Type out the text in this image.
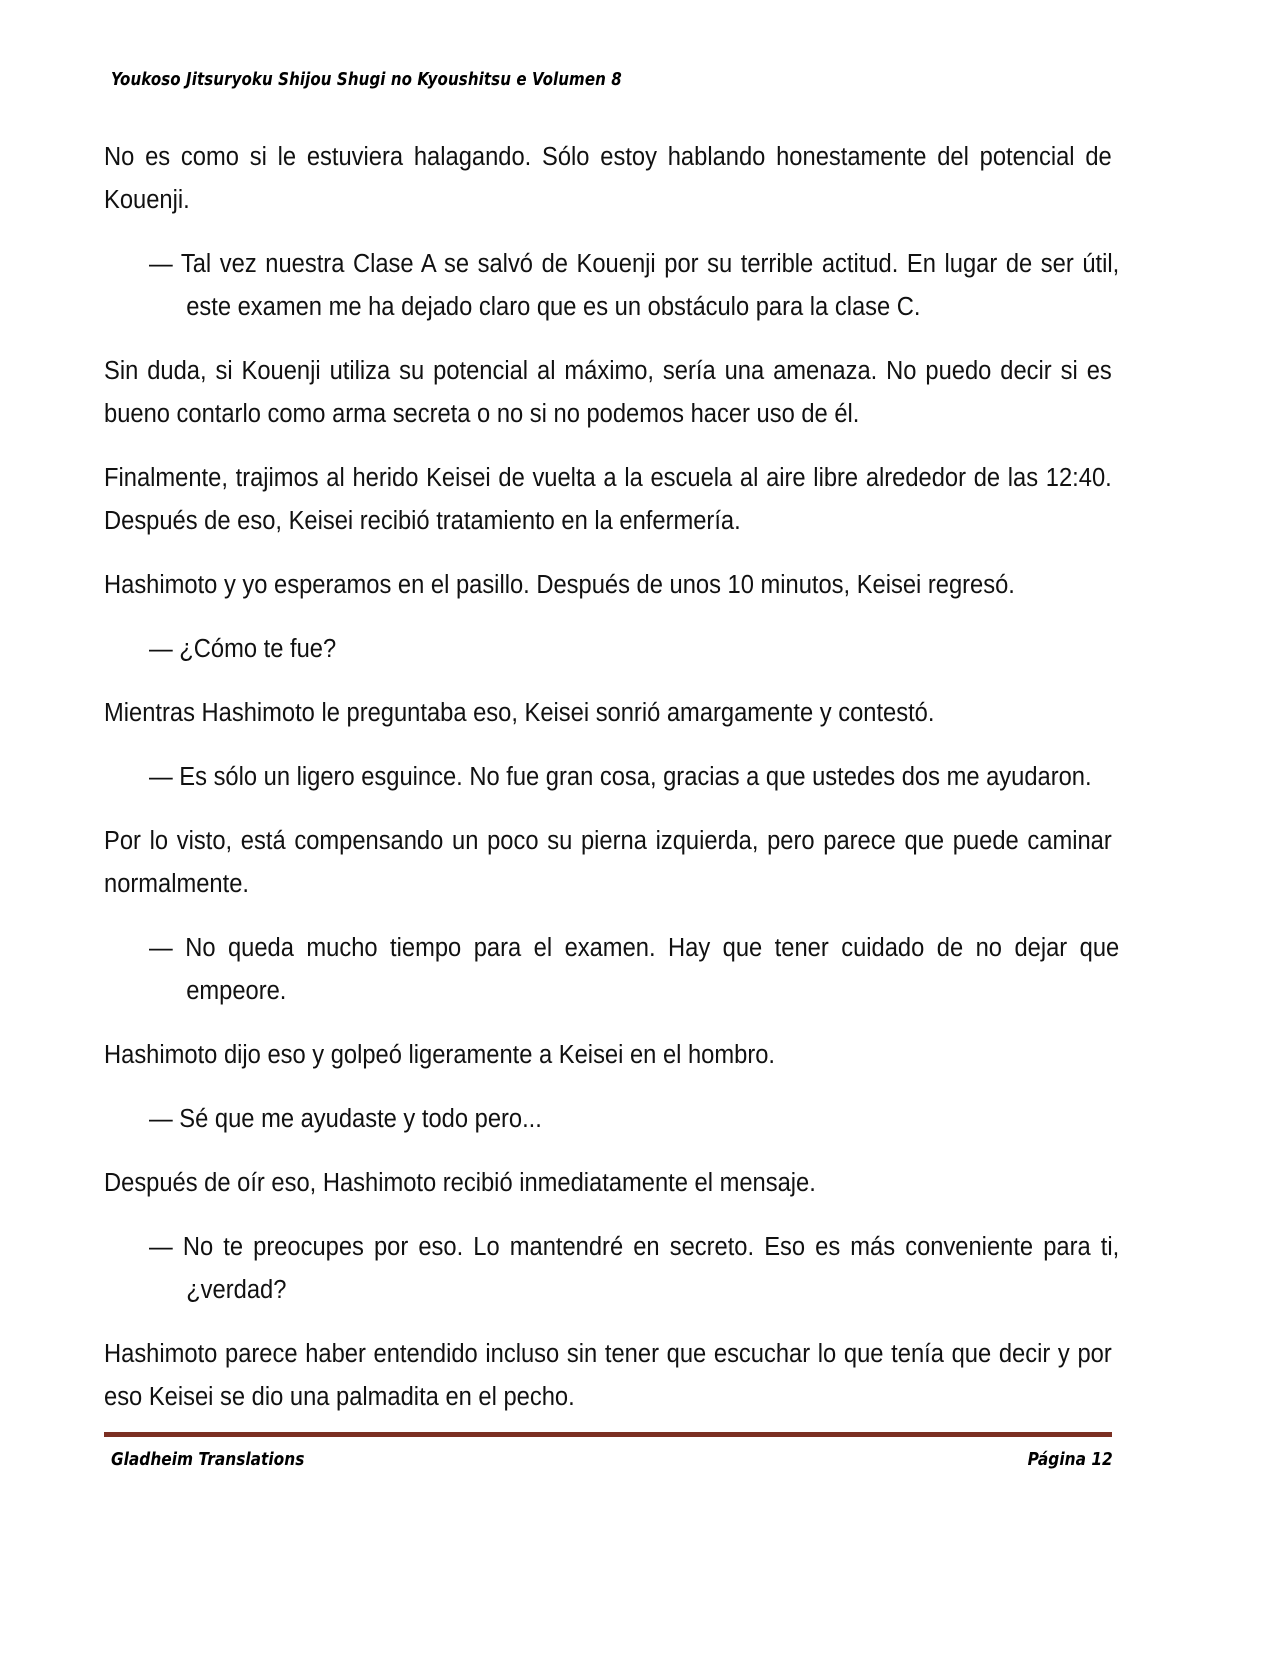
Youkoso Jitsuryoku Shijou Shugi no Kyoushitsu e Volumen 8

No es como si le estuviera halagando. Sólo estoy hablando honestamente del potencial de Kouenji.

— Tal vez nuestra Clase A se salvó de Kouenji por su terrible actitud. En lugar de ser útil, este examen me ha dejado claro que es un obstáculo para la clase C.

Sin duda, si Kouenji utiliza su potencial al máximo, sería una amenaza. No puedo decir si es bueno contarlo como arma secreta o no si no podemos hacer uso de él.

Finalmente, trajimos al herido Keisei de vuelta a la escuela al aire libre alrededor de las 12:40. Después de eso, Keisei recibió tratamiento en la enfermería.

Hashimoto y yo esperamos en el pasillo. Después de unos 10 minutos, Keisei regresó.

— ¿Cómo te fue?

Mientras Hashimoto le preguntaba eso, Keisei sonrió amargamente y contestó.

— Es sólo un ligero esguince. No fue gran cosa, gracias a que ustedes dos me ayudaron.

Por lo visto, está compensando un poco su pierna izquierda, pero parece que puede caminar normalmente.

— No queda mucho tiempo para el examen. Hay que tener cuidado de no dejar que empeore.

Hashimoto dijo eso y golpeó ligeramente a Keisei en el hombro.

— Sé que me ayudaste y todo pero...

Después de oír eso, Hashimoto recibió inmediatamente el mensaje.

— No te preocupes por eso. Lo mantendré en secreto. Eso es más conveniente para ti, ¿verdad?

Hashimoto parece haber entendido incluso sin tener que escuchar lo que tenía que decir y por eso Keisei se dio una palmadita en el pecho.

Gladheim Translations	Página 12
